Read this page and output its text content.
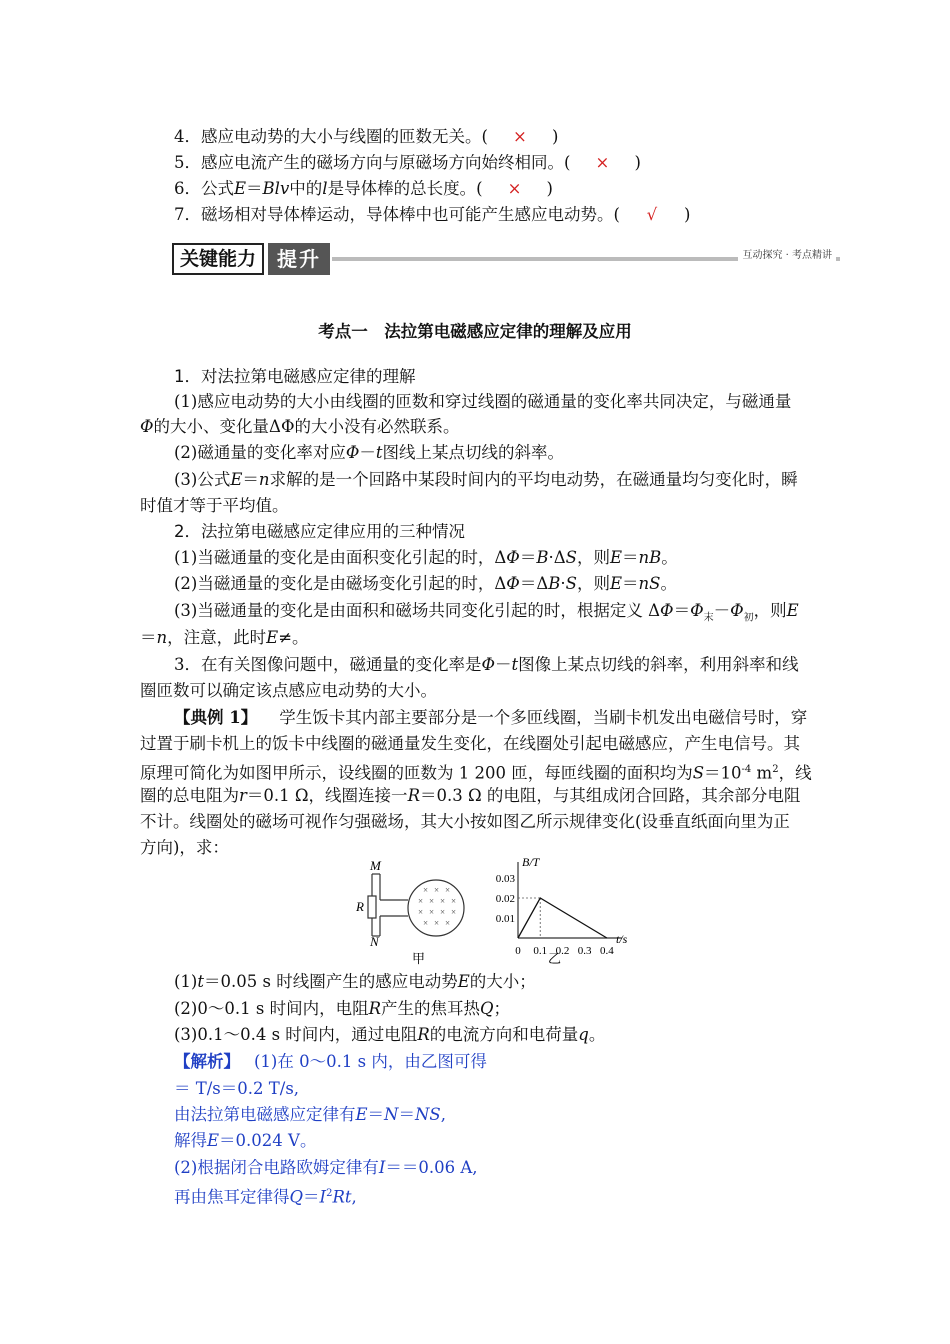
4．感应电动势的大小与线圈的匝数无关。( × )
5．感应电流产生的磁场方向与原磁场方向始终相同。( × )
6．公式E＝Blv中的l是导体棒的总长度。( × )
7．磁场相对导体棒运动，导体棒中也可能产生感应电动势。( √ )
关键能力	提升	互动探究 · 考点精讲
考点一　法拉第电磁感应定律的理解及应用
1．对法拉第电磁感应定律的理解
(1)感应电动势的大小由线圈的匝数和穿过线圈的磁通量的变化率共同决定，与磁通量
Φ的大小、变化量ΔΦ的大小没有必然联系。
(2)磁通量的变化率对应Φ－t图线上某点切线的斜率。
(3)公式E＝n求解的是一个回路中某段时间内的平均电动势，在磁通量均匀变化时，瞬
时值才等于平均值。
2．法拉第电磁感应定律应用的三种情况
(1)当磁通量的变化是由面积变化引起的时，ΔΦ＝B·ΔS，则E＝nB。
(2)当磁通量的变化是由磁场变化引起的时，ΔΦ＝ΔB·S，则E＝nS。
(3)当磁通量的变化是由面积和磁场共同变化引起的时，根据定义 $\Delta\Phi=\Phi_末-\Phi_初$，则E
＝n，注意，此时E≠。
3．在有关图像问题中，磁通量的变化率是Φ－t图像上某点切线的斜率，利用斜率和线
圈匝数可以确定该点感应电动势的大小。
【典例 1】 学生饭卡其内部主要部分是一个多匝线圈，当刷卡机发出电磁信号时，穿
过置于刷卡机上的饭卡中线圈的磁通量发生变化，在线圈处引起电磁感应，产生电信号。其
原理可简化为如图甲所示，设线圈的匝数为 1 200 匝，每匝线圈的面积均为$S=10^{-4}$ $m^2$，线
圈的总电阻为r＝0.1 Ω，线圈连接一R＝0.3 Ω 的电阻，与其组成闭合回路，其余部分电阻
不计。线圈处的磁场可视作匀强磁场，其大小按如图乙所示规律变化(设垂直纸面向里为正
方向)，求：
M
N
R
× × ×
× × × ×
× × × ×
× × ×
甲
B/T
t/s
0.03
0.02
0.01
0 0.1 0.2 0.3 0.4
乙
(1)t＝0.05 s 时线圈产生的感应电动势E的大小；
(2)0～0.1 s 时间内，电阻R产生的焦耳热Q；
(3)0.1～0.4 s 时间内，通过电阻R的电流方向和电荷量q。
【解析】 (1)在 0～0.1 s 内，由乙图可得
＝ T/s＝0.2 T/s,
由法拉第电磁感应定律有E＝N＝NS,
解得E＝0.024 V。
(2)根据闭合电路欧姆定律有I＝＝0.06 A,
再由焦耳定律得$Q=I^2Rt$,
